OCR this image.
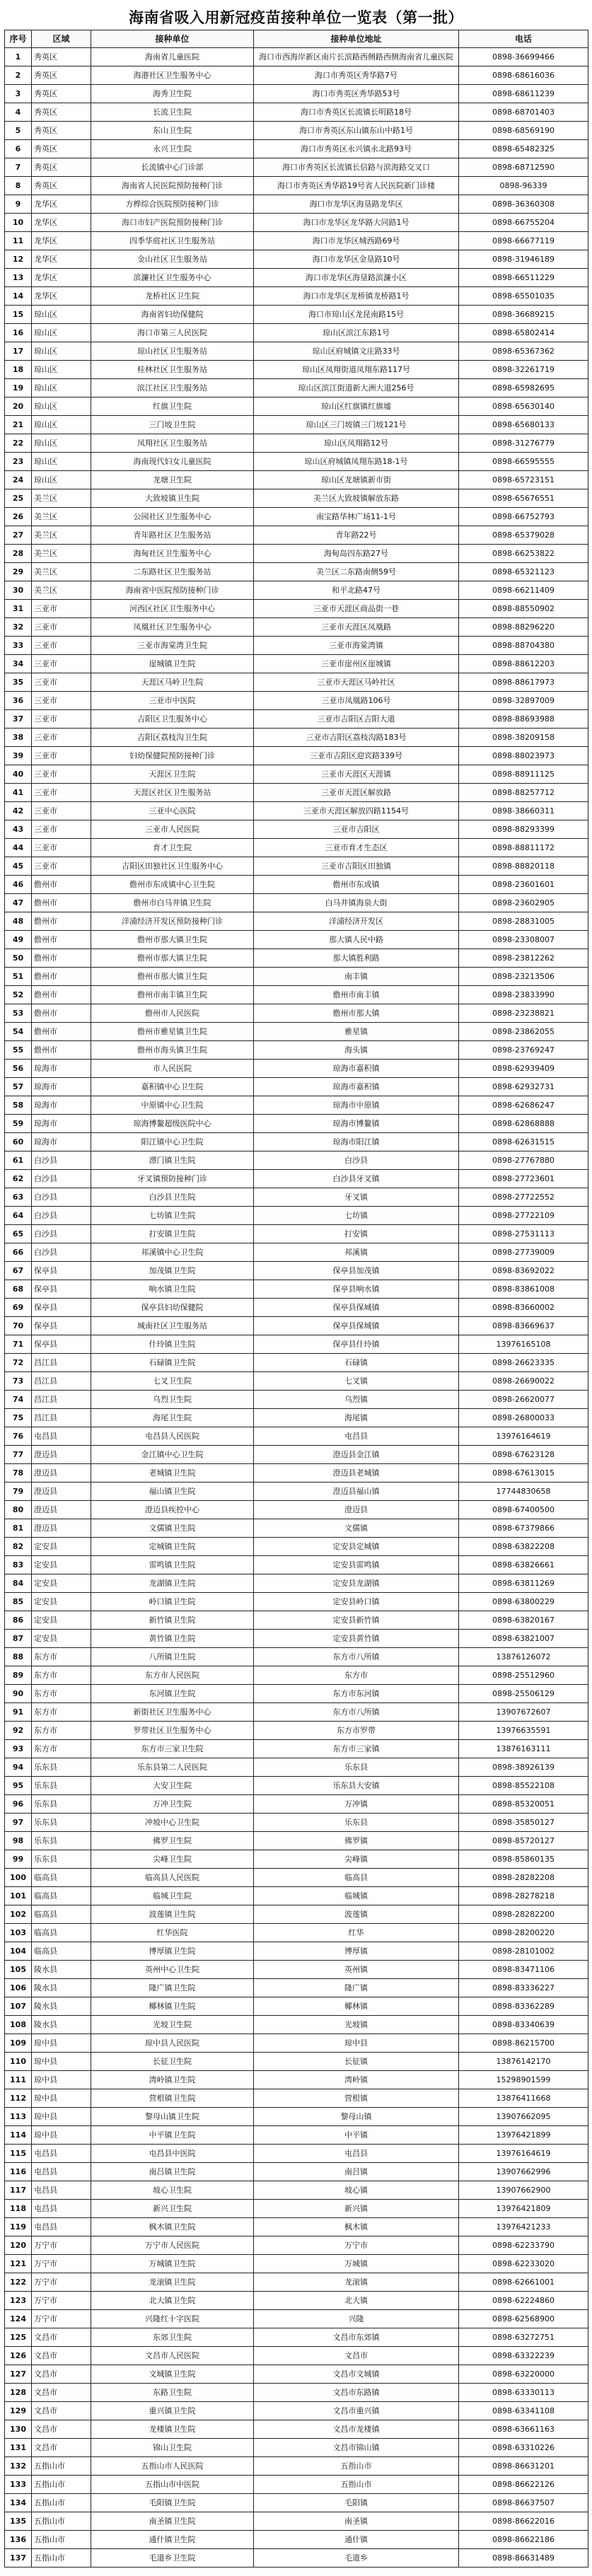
海南省吸入用新冠疫苗接种单位一览表（第一批）
序号	区域	接种单位	接种单位地址	电话
1	秀英区	海南省儿童医院	海口市西海岸新区南片长滨路西侧路西侧海南省儿童医院	0898-36699466
2	秀英区	海港社区卫生服务中心	海口市秀英区秀华路7号	0898-68616036
3	秀英区	海秀卫生院	海口市秀英区秀华路53号	0898-68611239
4	秀英区	长流卫生院	海口市秀英区长流镇长明路18号	0898-68701403
5	秀英区	东山卫生院	海口市秀英区东山镇东山中路1号	0898-68569190
6	秀英区	永兴卫生院	海口市秀英区永兴镇永北路93号	0898-65482325
7	秀英区	长流镇中心门诊部	海口市秀英区长流镇长信路与滨海路交叉口	0898-68712590
8	秀英区	海南省人民医院预防接种门诊	海口市秀英区秀华路19号省人民医院新门诊楼	0898-96339
9	龙华区	方桦综合医院预防接种门诊	海口市龙华区海垦路龙华区	0898-36360308
10	龙华区	海口市妇产医院预防接种门诊	海口市龙华区龙华路大同路1号	0898-66755204
11	龙华区	四季华庭社区卫生服务站	海口市龙华区城西路69号	0898-66677119
12	龙华区	金山社区卫生服务站	海口市龙华区金垦路10号	0898-31946189
13	龙华区	滨濂社区卫生服务中心	海口市龙华区海垦路滨濂小区	0898-66511229
14	龙华区	龙桥社区卫生院	海口市龙华区龙桥镇龙桥路1号	0898-65501035
15	琼山区	海南省妇幼保健院	海口市琼山区龙昆南路15号	0898-36689215
16	琼山区	海口市第三人民医院	琼山区滨江东路1号	0898-65802414
17	琼山区	琼山社区卫生服务站	琼山区府城镇文庄路33号	0898-65367362
18	琼山区	桂林社区卫生服务站	琼山区凤翔街道凤翔东路117号	0898-32261719
19	琼山区	滨江社区卫生服务站	琼山区滨江街道新大洲大道256号	0898-65982695
20	琼山区	红旗卫生院	琼山区红旗镇红旗墟	0898-65630140
21	琼山区	三门坡卫生院	琼山区三门坡镇三门坡121号	0898-65680133
22	琼山区	凤翔社区卫生服务站	琼山区凤翔路12号	0898-31276779
23	琼山区	海南现代妇女儿童医院	琼山区府城镇凤翔东路18-1号	0898-66595555
24	琼山区	龙塘卫生院	琼山区龙塘镇新市街	0898-65723151
25	美兰区	大致坡镇卫生院	美兰区大致坡镇解放东路	0898-65676551
26	美兰区	公园社区卫生服务中心	南宝路华林广场11-1号	0898-66752793
27	美兰区	青年路社区卫生服务站	青年路22号	0898-65379028
28	美兰区	海甸社区卫生服务中心	海甸岛四东路27号	0898-66253822
29	美兰区	二东路社区卫生服务站	美兰区二东路南侧59号	0898-65321123
30	美兰区	海南省中医院预防接种门诊	和平北路47号	0898-66211409
31	三亚市	河西区社区卫生服务中心	三亚市天涯区商品街一巷	0898-88550902
32	三亚市	凤凰社区卫生服务中心	三亚市天涯区凤凰路	0898-88296220
33	三亚市	三亚市海棠湾卫生院	三亚市海棠湾镇	0898-88704380
34	三亚市	崖城镇卫生院	三亚市崖州区崖城镇	0898-88612203
35	三亚市	天涯区马岭卫生院	三亚市天涯区马岭社区	0898-88617973
36	三亚市	三亚市中医院	三亚市凤凰路106号	0898-32897009
37	三亚市	吉阳区卫生服务中心	三亚市吉阳区吉阳大道	0898-88693988
38	三亚市	吉阳区荔枝沟卫生院	三亚市吉阳区荔枝沟路183号	0898-38209158
39	三亚市	妇幼保健院预防接种门诊	三亚市吉阳区迎宾路339号	0898-88023973
40	三亚市	天涯区卫生院	三亚市天涯区天涯镇	0898-88911125
41	三亚市	天涯区社区卫生服务站	三亚市天涯区解放路	0898-88257712
42	三亚市	三亚中心医院	三亚市天涯区解放四路1154号	0898-38660311
43	三亚市	三亚市人民医院	三亚市吉阳区	0898-88293399
44	三亚市	育才卫生院	三亚市育才生态区	0898-88811172
45	三亚市	吉阳区田独社区卫生服务中心	三亚市吉阳区田独镇	0898-88820118
46	儋州市	儋州市东成镇中心卫生院	儋州市东成镇	0898-23601601
47	儋州市	儋州市白马井镇卫生院	白马井镇海泉大街	0898-23602905
48	儋州市	洋浦经济开发区预防接种门诊	洋浦经济开发区	0898-28831005
49	儋州市	儋州市那大镇卫生院	那大镇人民中路	0898-23308007
50	儋州市	儋州市那大镇卫生院	那大镇胜利路	0898-23812262
51	儋州市	儋州市那大镇卫生院	南丰镇	0898-23213506
52	儋州市	儋州市南丰镇卫生院	儋州市南丰镇	0898-23833990
53	儋州市	儋州市人民医院	儋州市那大镇	0898-23238821
54	儋州市	儋州市雅星镇卫生院	雅星镇	0898-23862055
55	儋州市	儋州市海头镇卫生院	海头镇	0898-23769247
56	琼海市	市人民医院	琼海市嘉积镇	0898-62939409
57	琼海市	嘉积镇中心卫生院	琼海市嘉积镇	0898-62932731
58	琼海市	中原镇中心卫生院	琼海市中原镇	0898-62686247
59	琼海市	琼海博鳌超级医院中心	琼海市博鳌镇	0898-62868888
60	琼海市	阳江镇中心卫生院	琼海市阳江镇	0898-62631515
61	白沙县	漂门镇卫生院	白沙县	0898-27767880
62	白沙县	牙叉镇预防接种门诊	白沙县牙叉镇	0898-27723601
63	白沙县	白沙县卫生院	牙叉镇	0898-27722552
64	白沙县	七坊镇卫生院	七坊镇	0898-27722109
65	白沙县	打安镇卫生院	打安镇	0898-27531113
66	白沙县	邦溪镇中心卫生院	邦溪镇	0898-27739009
67	保亭县	加茂镇卫生院	保亭县加茂镇	0898-83692022
68	保亭县	响水镇卫生院	保亭县响水镇	0898-83861008
69	保亭县	保亭县妇幼保健院	保亭县保城镇	0898-83660002
70	保亭县	城南社区卫生服务站	保亭县保城镇	0898-83669637
71	保亭县	什玲镇卫生院	保亭县什玲镇	13976165108
72	昌江县	石碌镇卫生院	石碌镇	0898-26623335
73	昌江县	七叉卫生院	七叉镇	0898-26690022
74	昌江县	乌烈卫生院	乌烈镇	0898-26620077
75	昌江县	海尾卫生院	海尾镇	0898-26800033
76	屯昌县	屯昌县人民医院	屯昌县	13976164619
77	澄迈县	金江镇中心卫生院	澄迈县金江镇	0898-67623128
78	澄迈县	老城镇卫生院	澄迈县老城镇	0898-67613015
79	澄迈县	福山镇卫生院	澄迈县福山镇	17744830658
80	澄迈县	澄迈县疾控中心	澄迈县	0898-67400500
81	澄迈县	文儒镇卫生院	文儒镇	0898-67379866
82	定安县	定城镇卫生院	定安县定城镇	0898-63822208
83	定安县	雷鸣镇卫生院	定安县雷鸣镇	0898-63826661
84	定安县	龙湖镇卫生院	定安县龙湖镇	0898-63811269
85	定安县	岭口镇卫生院	定安县岭口镇	0898-63800229
86	定安县	新竹镇卫生院	定安县新竹镇	0898-63820167
87	定安县	黄竹镇卫生院	定安县黄竹镇	0898-63821007
88	东方市	八所镇卫生院	东方市八所镇	13876126072
89	东方市	东方市人民医院	东方市	0898-25512960
90	东方市	东河镇卫生院	东方市东河镇	0898-25506129
91	东方市	新街社区卫生服务中心	东方市八所镇	13907672607
92	东方市	罗带社区卫生服务中心	东方市罗带	13976635591
93	东方市	东方市三家卫生院	东方市三家镇	13876163111
94	乐东县	乐东县第二人民医院	乐东县	0898-38926139
95	乐东县	大安卫生院	乐东县大安镇	0898-85522108
96	乐东县	万冲卫生院	万冲镇	0898-85320051
97	乐东县	冲坡中心卫生院	乐东县	0898-35850127
98	乐东县	佛罗卫生院	佛罗镇	0898-85720127
99	乐东县	尖峰卫生院	尖峰镇	0898-85860135
100	临高县	临高县人民医院	临高县	0898-28282208
101	临高县	临城卫生院	临城镇	0898-28278218
102	临高县	波莲镇卫生院	波莲镇	0898-28282200
103	临高县	红华医院	红华	0898-28200220
104	临高县	博厚镇卫生院	博厚镇	0898-28101002
105	陵水县	英州中心卫生院	英州镇	0898-83471106
106	陵水县	隆广镇卫生院	隆广镇	0898-83336227
107	陵水县	椰林镇卫生院	椰林镇	0898-83362289
108	陵水县	光坡卫生院	光坡镇	0898-83340639
109	琼中县	琼中县人民医院	琼中县	0898-86215700
110	琼中县	长征卫生院	长征镇	13876142170
111	琼中县	湾岭镇卫生院	湾岭镇	15298901599
112	琼中县	营根镇卫生院	营根镇	13876411668
113	琼中县	黎母山镇卫生院	黎母山镇	13907662095
114	琼中县	中平镇卫生院	中平镇	13976421899
115	屯昌县	屯昌县中医院	屯昌县	13976164619
116	屯昌县	南吕镇卫生院	南吕镇	13907662996
117	屯昌县	坡心卫生院	坡心镇	13907662900
118	屯昌县	新兴卫生院	新兴镇	13976421809
119	屯昌县	枫木镇卫生院	枫木镇	13976421233
120	万宁市	万宁市人民医院	万宁市	0898-62233790
121	万宁市	万城镇卫生院	万城镇	0898-62233020
122	万宁市	龙滚镇卫生院	龙滚镇	0898-62661001
123	万宁市	北大镇卫生院	北大镇	0898-62224860
124	万宁市	兴隆红十字医院	兴隆	0898-62568900
125	文昌市	东郊卫生院	文昌市东郊镇	0898-63272751
126	文昌市	文昌市人民医院	文昌市	0898-63322239
127	文昌市	文城镇卫生院	文昌市文城镇	0898-63220000
128	文昌市	东路卫生院	文昌市东路镇	0898-63330113
129	文昌市	重兴镇卫生院	文昌市重兴镇	0898-63341108
130	文昌市	龙楼镇卫生院	文昌市龙楼镇	0898-63661163
131	文昌市	锦山卫生院	文昌市锦山镇	0898-63310226
132	五指山市	五指山市人民医院	五指山市	0898-86631201
133	五指山市	五指山市中医院	五指山市	0898-86622126
134	五指山市	毛阳镇卫生院	毛阳镇	0898-86637507
135	五指山市	南圣镇卫生院	南圣镇	0898-86622016
136	五指山市	通什镇卫生院	通什镇	0898-86622186
137	五指山市	毛道乡卫生院	毛道乡	0898-86631489
